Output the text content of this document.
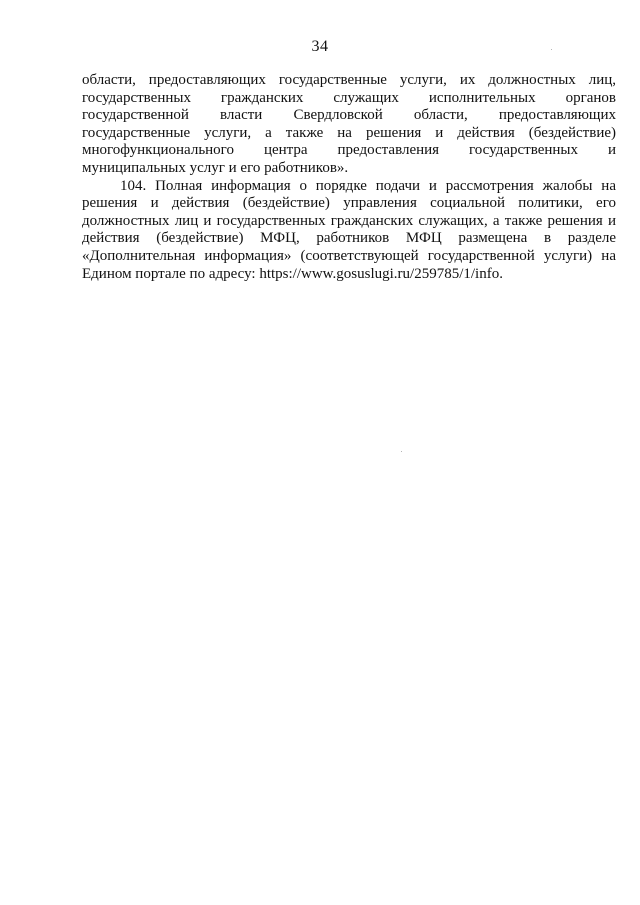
34

области, предоставляющих государственные услуги, их должностных лиц,
государственных гражданских служащих исполнительных органов
государственной власти Свердловской области, предоставляющих
государственные услуги, а также на решения и действия (бездействие)
многофункционального центра предоставления государственных и
муниципальных услуг и его работников».

104. Полная информация о порядке подачи и рассмотрения жалобы на
решения и действия (бездействие) управления социальной политики, его
должностных лиц и государственных гражданских служащих, а также решения и
действия (бездействие) МФЦ, работников МФЦ размещена в разделе
«Дополнительная информация» (соответствующей государственной услуги) на
Едином портале по адресу: https://www.gosuslugi.ru/259785/1/info.
